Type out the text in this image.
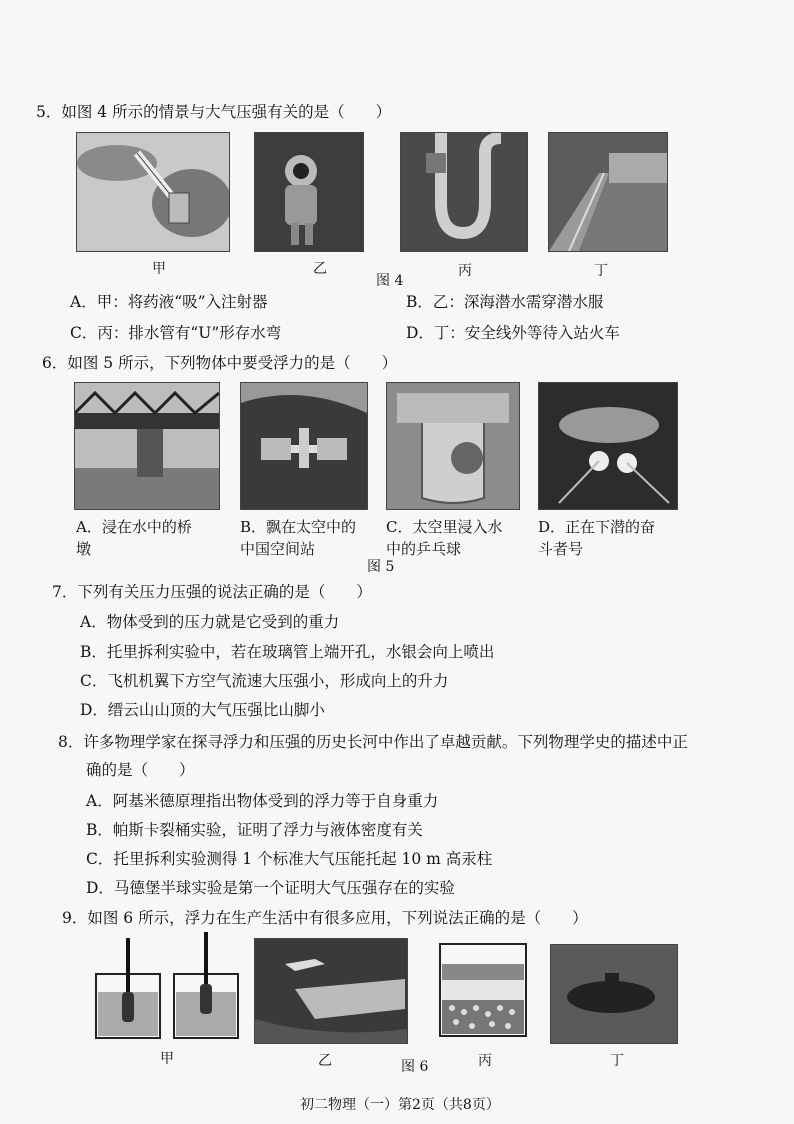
5．如图 4 所示的情景与大气压强有关的是（　　）
甲	乙
图 4
丙	丁
A．甲：将药液“吸”入注射器	B．乙：深海潜水需穿潜水服
C．丙：排水管有“U”形存水弯	D．丁：安全线外等待入站火车
6．如图 5 所示，下列物体中要受浮力的是（　　）
A．浸在水中的桥墩
B．飘在太空中的中国空间站
C．太空里浸入水中的乒乓球
D．正在下潜的奋斗者号
图 5
7．下列有关压力压强的说法正确的是（　　）
A．物体受到的压力就是它受到的重力
B．托里拆利实验中，若在玻璃管上端开孔，水银会向上喷出
C．飞机机翼下方空气流速大压强小，形成向上的升力
D．缙云山山顶的大气压强比山脚小
8．许多物理学家在探寻浮力和压强的历史长河中作出了卓越贡献。下列物理学史的描述中正
确的是（　　）
A．阿基米德原理指出物体受到的浮力等于自身重力
B．帕斯卡裂桶实验，证明了浮力与液体密度有关
C．托里拆利实验测得 1 个标准大气压能托起 10 m 高汞柱
D．马德堡半球实验是第一个证明大气压强存在的实验
9．如图 6 所示，浮力在生产生活中有很多应用，下列说法正确的是（　　）
甲	乙	图 6	丙	丁
初二物理（一）第2页（共8页）
